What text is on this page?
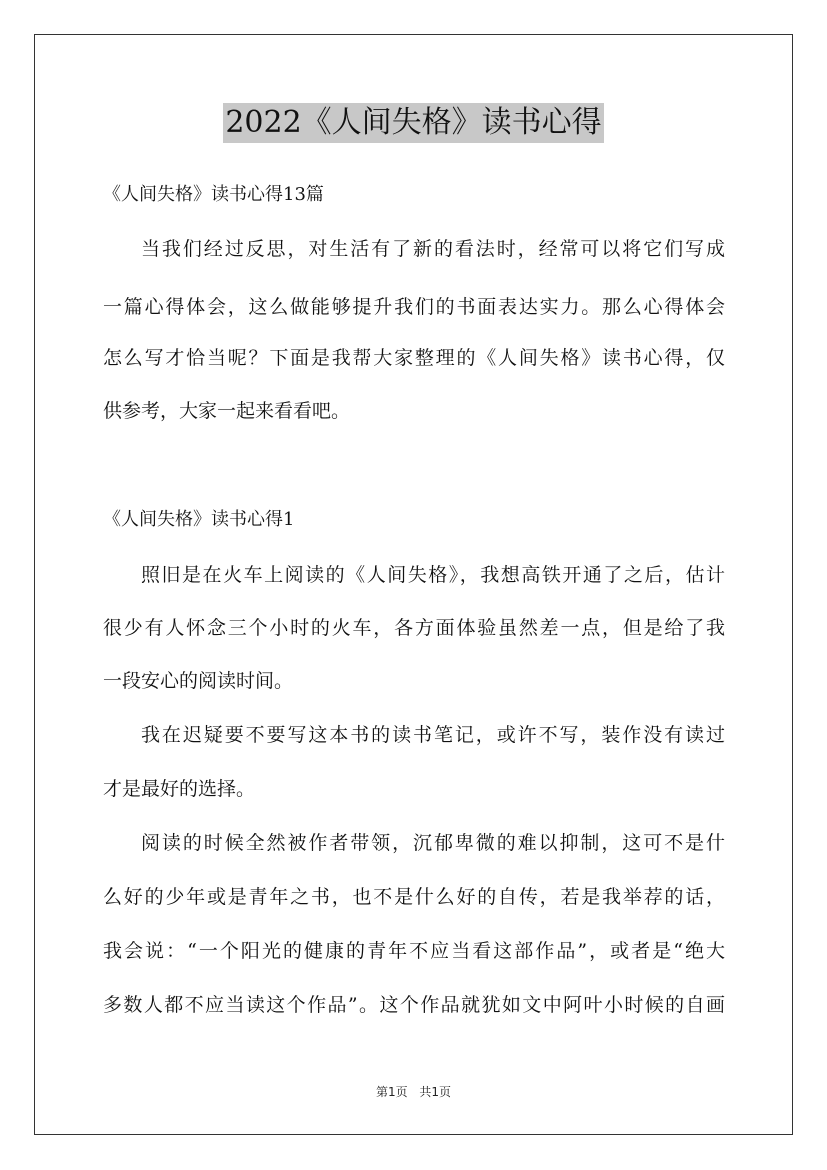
2022《人间失格》读书心得
《人间失格》读书心得13篇
当我们经过反思，对生活有了新的看法时，经常可以将它们写成
一篇心得体会，这么做能够提升我们的书面表达实力。那么心得体会
怎么写才恰当呢？下面是我帮大家整理的《人间失格》读书心得，仅
供参考，大家一起来看看吧。
《人间失格》读书心得1
照旧是在火车上阅读的《人间失格》，我想高铁开通了之后，估计
很少有人怀念三个小时的火车，各方面体验虽然差一点，但是给了我
一段安心的阅读时间。
我在迟疑要不要写这本书的读书笔记，或许不写，装作没有读过
才是最好的选择。
阅读的时候全然被作者带领，沉郁卑微的难以抑制，这可不是什
么好的少年或是青年之书，也不是什么好的自传，若是我举荐的话，
我会说：“一个阳光的健康的青年不应当看这部作品”，或者是“绝大
多数人都不应当读这个作品”。这个作品就犹如文中阿叶小时候的自画
第1页 共1页
